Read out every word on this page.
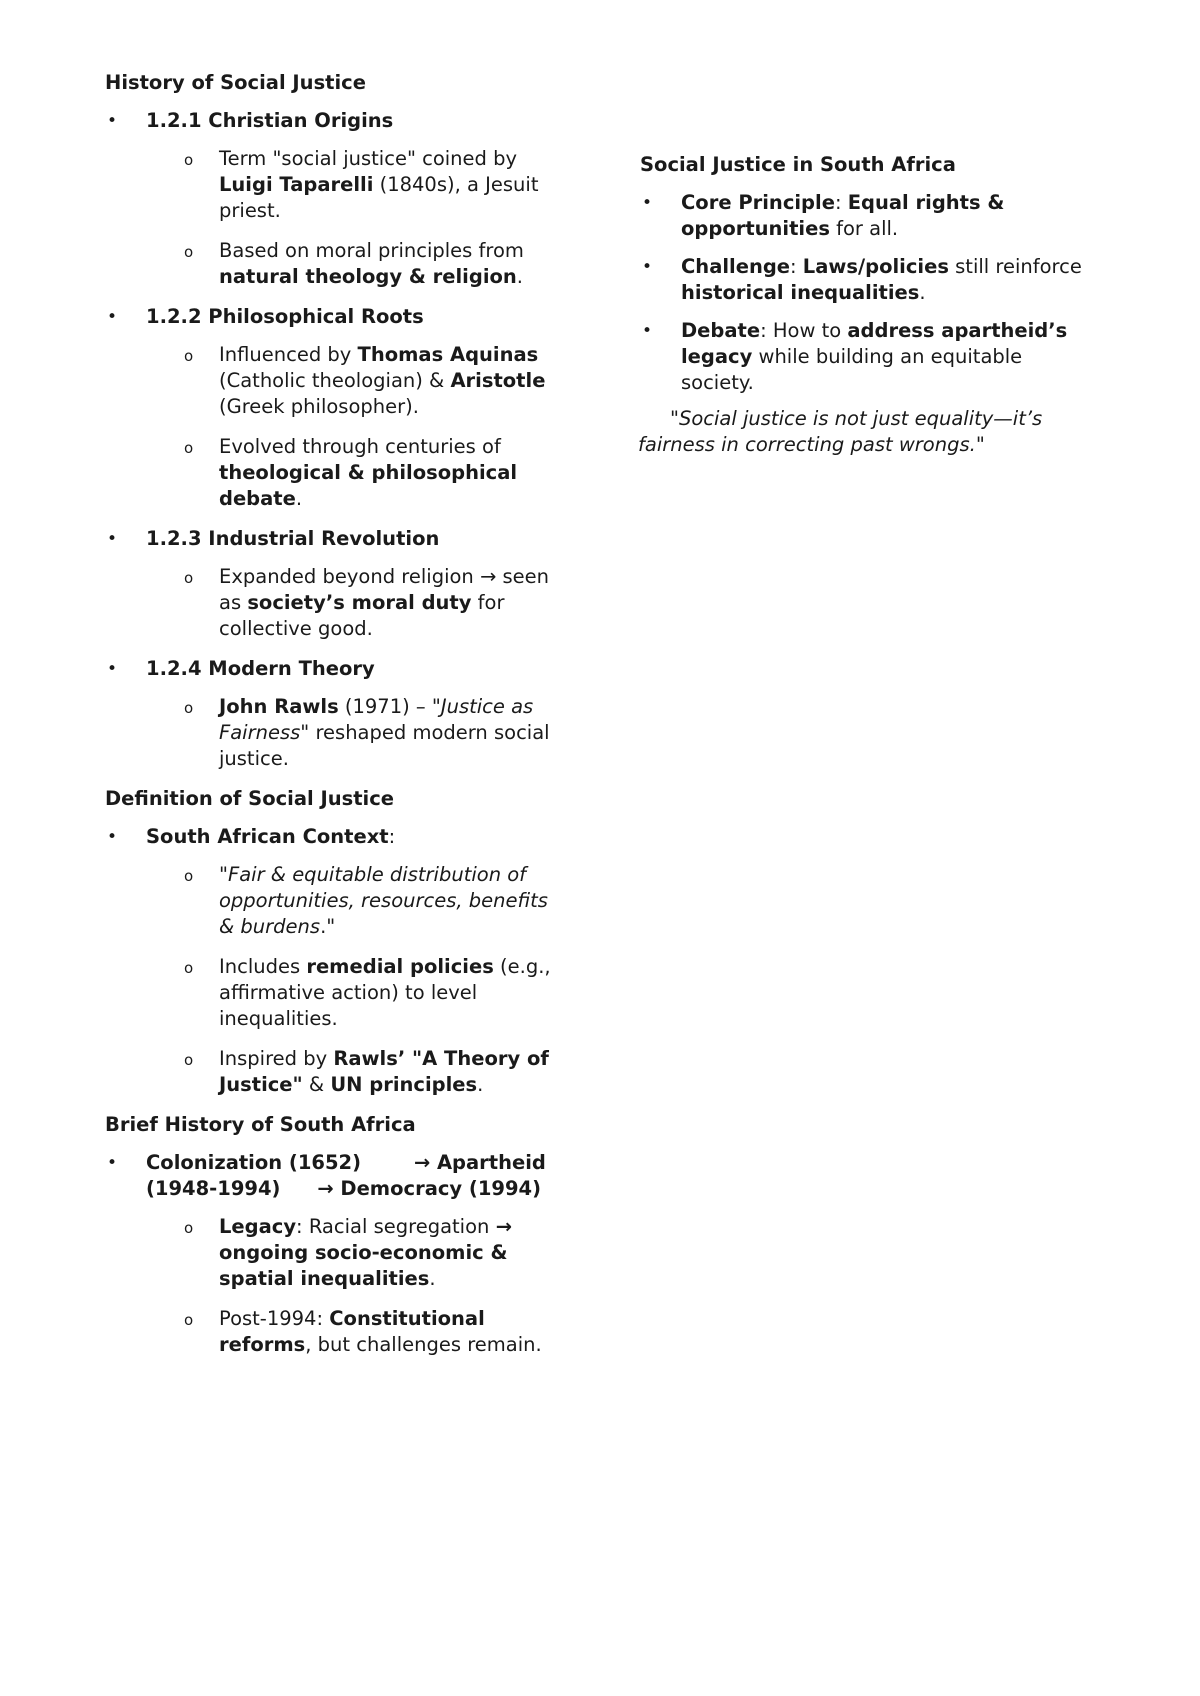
History of Social Justice
• 1.2.1 Christian Origins
o Term "social justice" coined by Luigi Taparelli (1840s), a Jesuit priest.
o Based on moral principles from natural theology & religion.
• 1.2.2 Philosophical Roots
o Influenced by Thomas Aquinas (Catholic theologian) & Aristotle (Greek philosopher).
o Evolved through centuries of theological & philosophical debate.
• 1.2.3 Industrial Revolution
o Expanded beyond religion → seen as society’s moral duty for collective good.
• 1.2.4 Modern Theory
o John Rawls (1971) – "Justice as Fairness" reshaped modern social justice.
Definition of Social Justice
• South African Context:
o "Fair & equitable distribution of opportunities, resources, benefits & burdens."
o Includes remedial policies (e.g., affirmative action) to level inequalities.
o Inspired by Rawls’ "A Theory of Justice" & UN principles.
Brief History of South Africa
• Colonization (1652) → Apartheid (1948-1994) → Democracy (1994)
o Legacy: Racial segregation → ongoing socio-economic & spatial inequalities.
o Post-1994: Constitutional reforms, but challenges remain.
Social Justice in South Africa
• Core Principle: Equal rights & opportunities for all.
• Challenge: Laws/policies still reinforce historical inequalities.
• Debate: How to address apartheid’s legacy while building an equitable society.
"Social justice is not just equality—it’s fairness in correcting past wrongs."
